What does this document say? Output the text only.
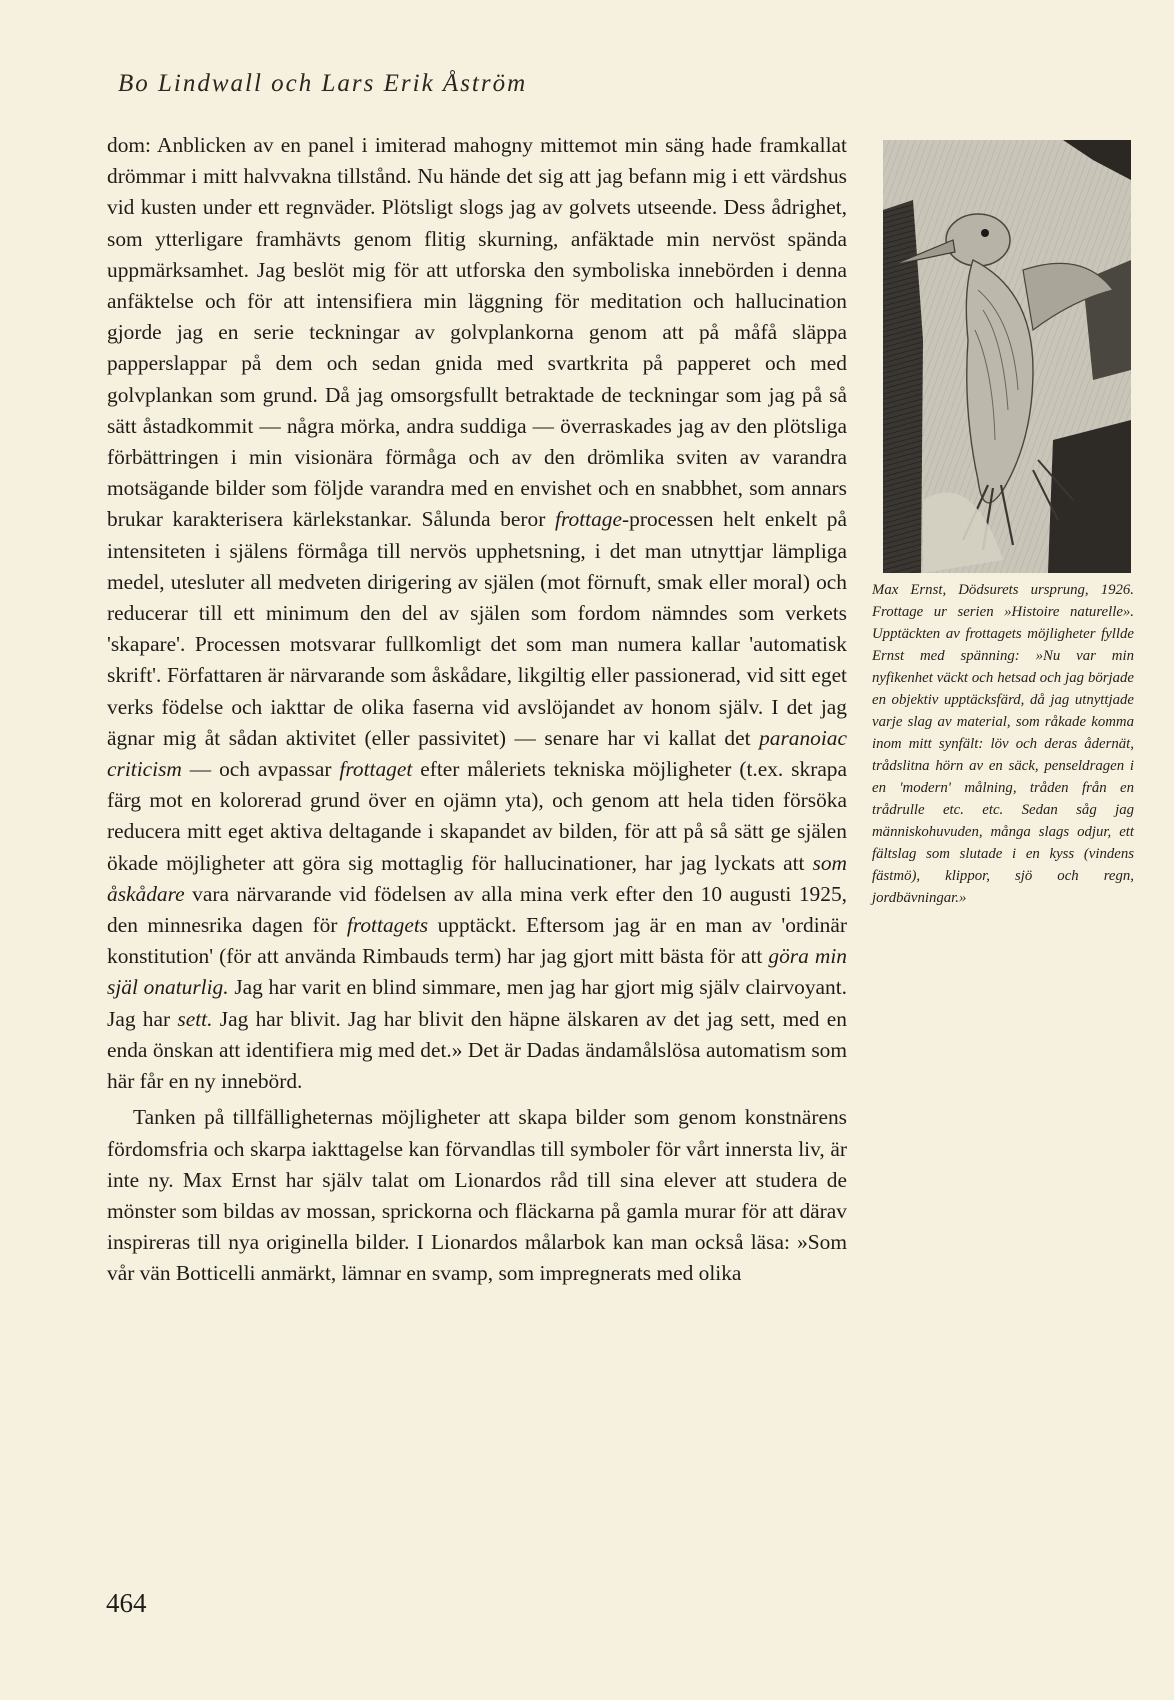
Bo Lindwall och Lars Erik Åström

dom: Anblicken av en panel i imiterad mahogny mittemot min säng hade framkallat drömmar i mitt halvvakna tillstånd. Nu hände det sig att jag befann mig i ett värdshus vid kusten under ett regnväder. Plötsligt slogs jag av golvets utseende. Dess ådrighet, som ytterligare framhävts genom flitig skurning, anfäktade min nervöst spända uppmärksamhet. Jag beslöt mig för att utforska den symboliska innebörden i denna anfäktelse och för att intensifiera min läggning för meditation och hallucination gjorde jag en serie teckningar av golvplankorna genom att på måfå släppa papperslappar på dem och sedan gnida med svartkrita på papperet och med golvplankan som grund. Då jag omsorgsfullt betraktade de teckningar som jag på så sätt åstadkommit — några mörka, andra suddiga — överraskades jag av den plötsliga förbättringen i min visionära förmåga och av den drömlika sviten av varandra motsägande bilder som följde varandra med en envishet och en snabbhet, som annars brukar karakterisera kärlekstankar. Sålunda beror frottage-processen helt enkelt på intensiteten i själens förmåga till nervös upphetsning, i det man utnyttjar lämpliga medel, utesluter all medveten dirigering av själen (mot förnuft, smak eller moral) och reducerar till ett minimum den del av själen som fordom nämndes som verkets 'skapare'. Processen motsvarar fullkomligt det som man numera kallar 'automatisk skrift'. Författaren är närvarande som åskådare, likgiltig eller passionerad, vid sitt eget verks födelse och iakttar de olika faserna vid avslöjandet av honom själv. I det jag ägnar mig åt sådan aktivitet (eller passivitet) — senare har vi kallat det paranoiac criticism — och avpassar frottaget efter måleriets tekniska möjligheter (t.ex. skrapa färg mot en kolorerad grund över en ojämn yta), och genom att hela tiden försöka reducera mitt eget aktiva deltagande i skapandet av bilden, för att på så sätt ge själen ökade möjligheter att göra sig mottaglig för hallucinationer, har jag lyckats att som åskådare vara närvarande vid födelsen av alla mina verk efter den 10 augusti 1925, den minnesrika dagen för frottagets upptäckt. Eftersom jag är en man av 'ordinär konstitution' (för att använda Rimbauds term) har jag gjort mitt bästa för att göra min själ onaturlig. Jag har varit en blind simmare, men jag har gjort mig själv clairvoyant. Jag har sett. Jag har blivit. Jag har blivit den häpne älskaren av det jag sett, med en enda önskan att identifiera mig med det.» Det är Dadas ändamålslösa automatism som här får en ny innebörd.

Tanken på tillfälligheternas möjligheter att skapa bilder som genom konstnärens fördomsfria och skarpa iakttagelse kan förvandlas till symboler för vårt innersta liv, är inte ny. Max Ernst har själv talat om Lionardos råd till sina elever att studera de mönster som bildas av mossan, sprickorna och fläckarna på gamla murar för att därav inspireras till nya originella bilder. I Lionardos målarbok kan man också läsa: »Som vår vän Botticelli anmärkt, lämnar en svamp, som impregnerats med olika

Max Ernst, Dödsurets ursprung, 1926. Frottage ur serien »Histoire naturelle». Upptäckten av frottagets möjligheter fyllde Ernst med spänning: »Nu var min nyfikenhet väckt och hetsad och jag började en objektiv upptäcksfärd, då jag utnyttjade varje slag av material, som råkade komma inom mitt synfält: löv och deras ådernät, trådslitna hörn av en säck, penseldragen i en 'modern' målning, tråden från en trådrulle etc. etc. Sedan såg jag människohuvuden, många slags odjur, ett fältslag som slutade i en kyss (vindens fästmö), klippor, sjö och regn, jordbävningar.»
464
